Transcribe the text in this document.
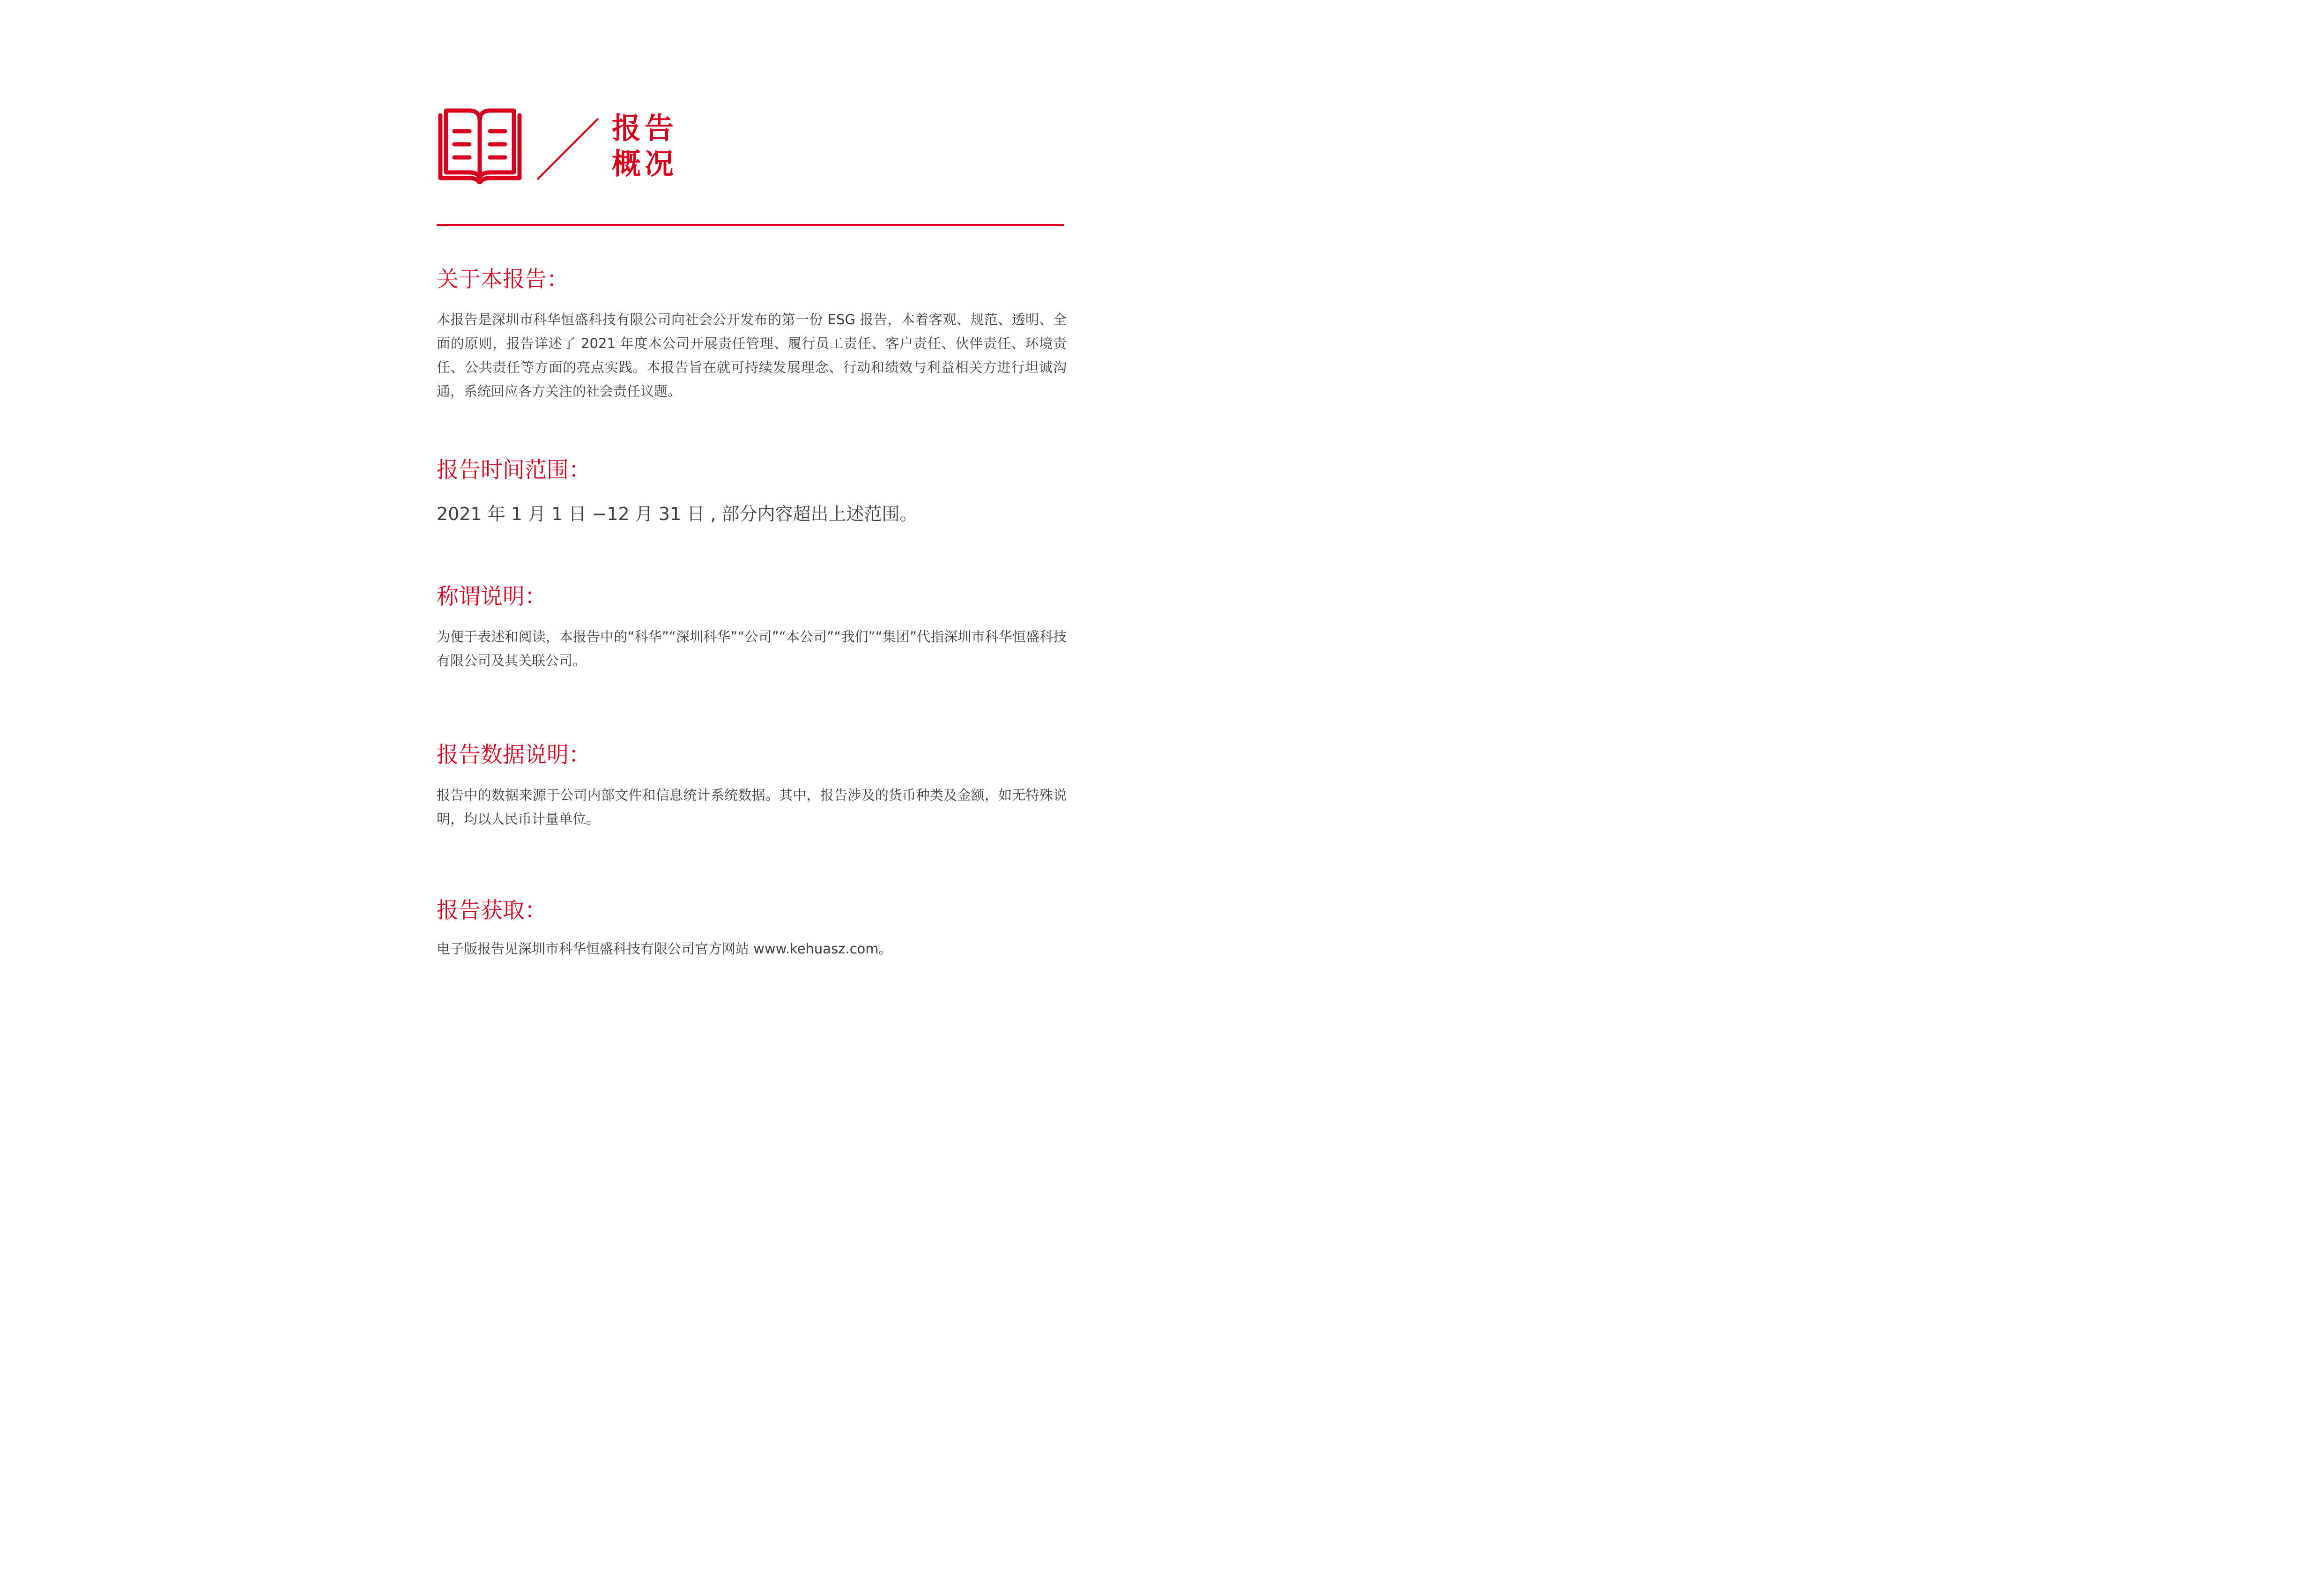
报告
概况
关于本报告：

本报告是深圳市科华恒盛科技有限公司向社会公开发布的第一份 ESG 报告，本着客观、规范、透明、全面的原则，报告详述了 2021 年度本公司开展责任管理、履行员工责任、客户责任、伙伴责任、环境责任、公共责任等方面的亮点实践。本报告旨在就可持续发展理念、行动和绩效与利益相关方进行坦诚沟通，系统回应各方关注的社会责任议题。

报告时间范围：

2021 年 1 月 1 日 −12 月 31 日 , 部分内容超出上述范围。

称谓说明：

为便于表述和阅读，本报告中的“科华”“深圳科华”“公司”“本公司”“我们”“集团”代指深圳市科华恒盛科技有限公司及其关联公司。

报告数据说明：

报告中的数据来源于公司内部文件和信息统计系统数据。其中，报告涉及的货币种类及金额，如无特殊说明，均以人民币计量单位。

报告获取：

电子版报告见深圳市科华恒盛科技有限公司官方网站 www.kehuasz.com。
